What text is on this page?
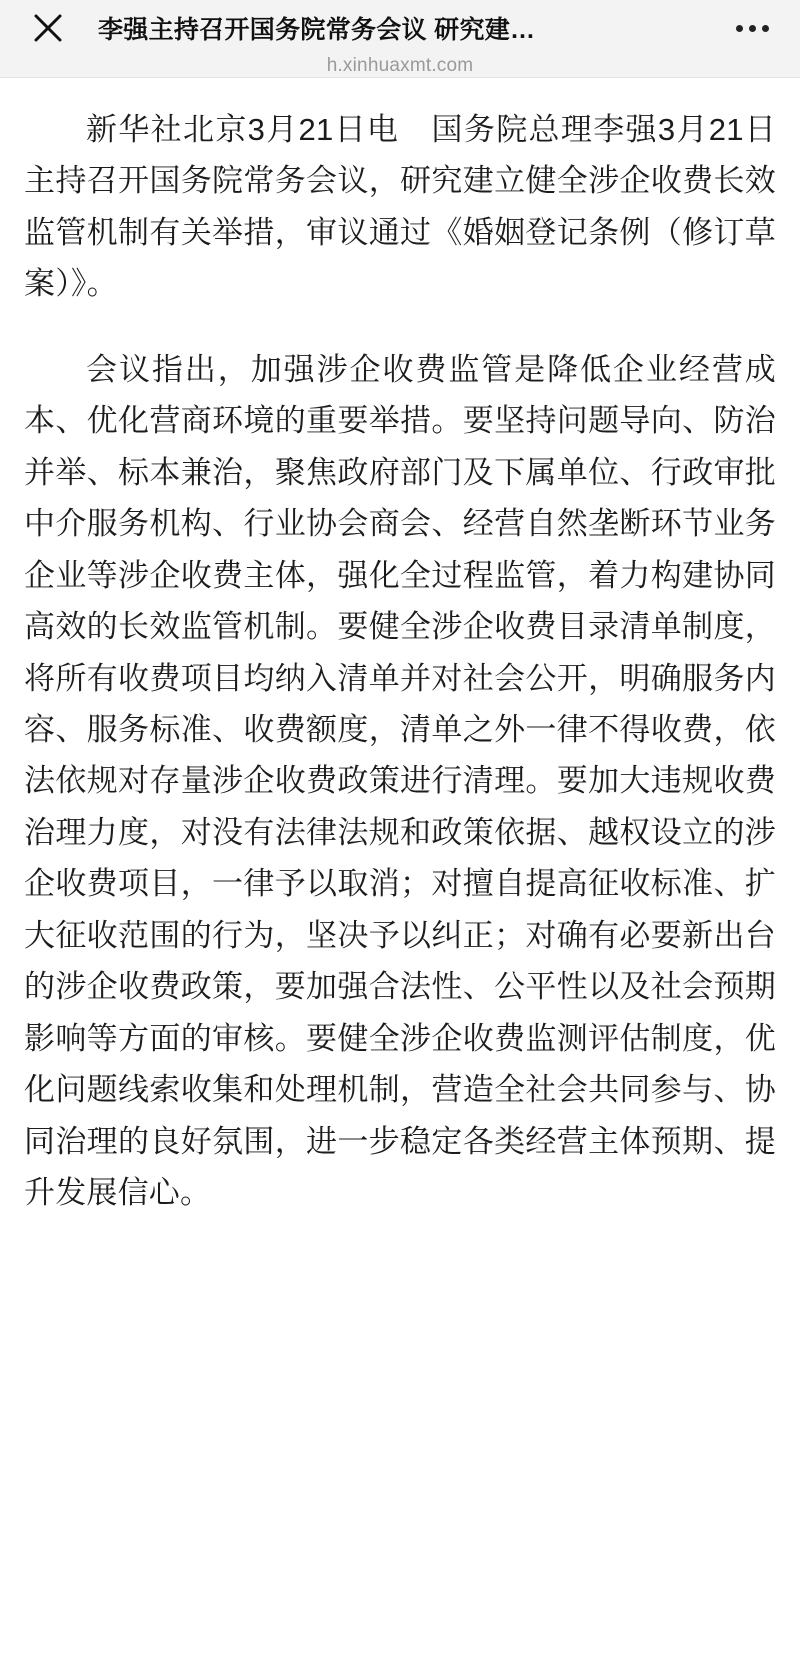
李强主持召开国务院常务会议 研究建…
h.xinhuaxmt.com

新华社北京3月21日电　国务院总理李强3月21日主持召开国务院常务会议，研究建立健全涉企收费长效监管机制有关举措，审议通过《婚姻登记条例（修订草案）》。

会议指出，加强涉企收费监管是降低企业经营成本、优化营商环境的重要举措。要坚持问题导向、防治并举、标本兼治，聚焦政府部门及下属单位、行政审批中介服务机构、行业协会商会、经营自然垄断环节业务企业等涉企收费主体，强化全过程监管，着力构建协同高效的长效监管机制。要健全涉企收费目录清单制度，将所有收费项目均纳入清单并对社会公开，明确服务内容、服务标准、收费额度，清单之外一律不得收费，依法依规对存量涉企收费政策进行清理。要加大违规收费治理力度，对没有法律法规和政策依据、越权设立的涉企收费项目，一律予以取消；对擅自提高征收标准、扩大征收范围的行为，坚决予以纠正；对确有必要新出台的涉企收费政策，要加强合法性、公平性以及社会预期影响等方面的审核。要健全涉企收费监测评估制度，优化问题线索收集和处理机制，营造全社会共同参与、协同治理的良好氛围，进一步稳定各类经营主体预期、提升发展信心。
